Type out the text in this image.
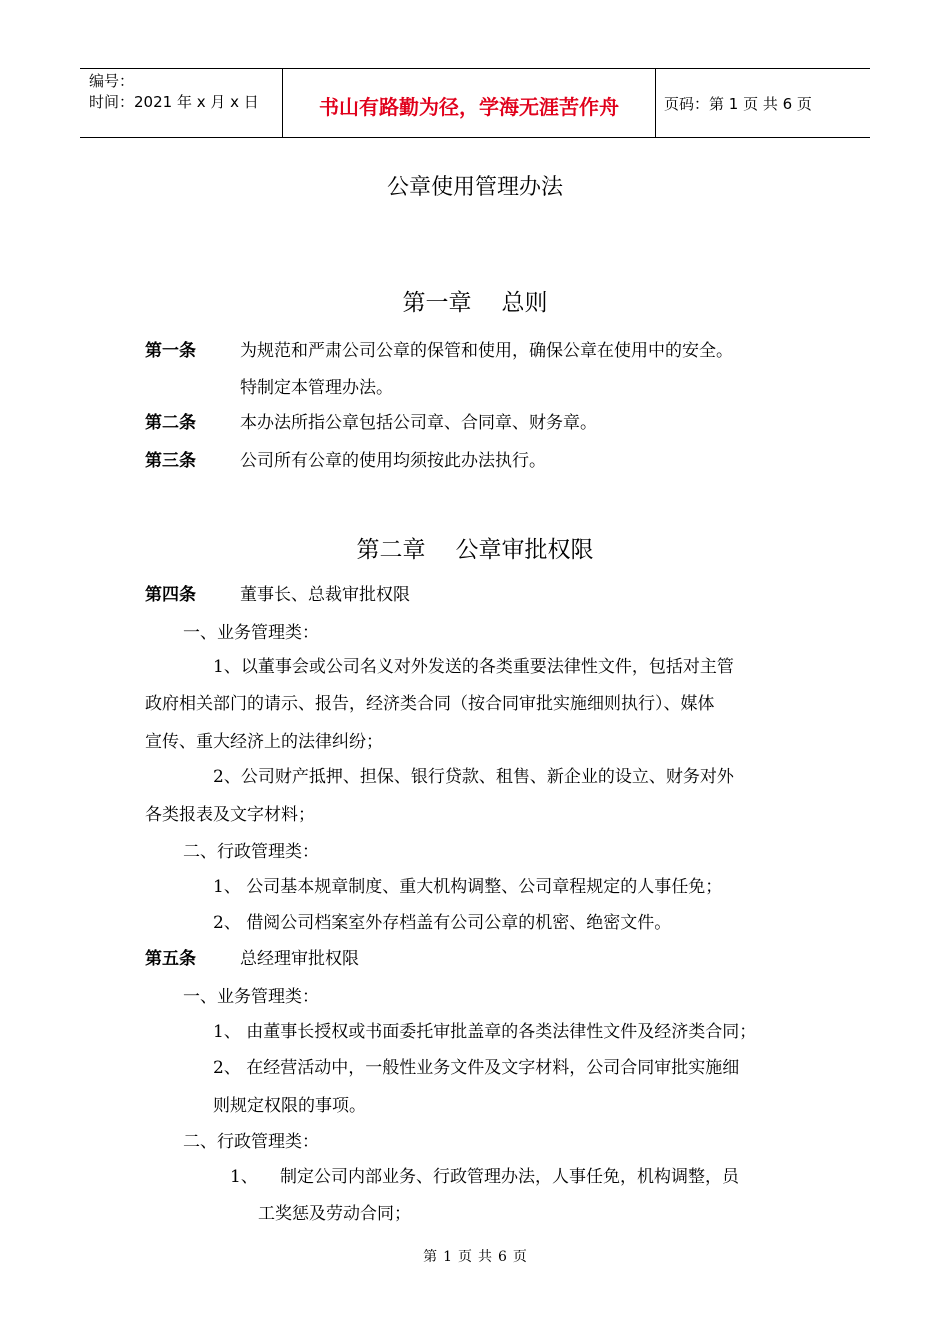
编号：
时间：2021 年 x 月 x 日	书山有路勤为径，学海无涯苦作舟	页码：第 1 页 共 6 页
公章使用管理办法
第一章 总则
第一条	为规范和严肃公司公章的保管和使用，确保公章在使用中的安全。
特制定本管理办法。
第二条	本办法所指公章包括公司章、合同章、财务章。
第三条	公司所有公章的使用均须按此办法执行。
第二章 公章审批权限
第四条	董事长、总裁审批权限
一、业务管理类：
1、以董事会或公司名义对外发送的各类重要法律性文件，包括对主管
政府相关部门的请示、报告，经济类合同（按合同审批实施细则执行）、媒体
宣传、重大经济上的法律纠纷；
2、公司财产抵押、担保、银行贷款、租售、新企业的设立、财务对外
各类报表及文字材料；
二、行政管理类：
1、 公司基本规章制度、重大机构调整、公司章程规定的人事任免；
2、 借阅公司档案室外存档盖有公司公章的机密、绝密文件。
第五条	总经理审批权限
一、业务管理类：
1、 由董事长授权或书面委托审批盖章的各类法律性文件及经济类合同；
2、 在经营活动中，一般性业务文件及文字材料，公司合同审批实施细
则规定权限的事项。
二、行政管理类：
1、 制定公司内部业务、行政管理办法，人事任免，机构调整，员
工奖惩及劳动合同；
第 1 页 共 6 页
